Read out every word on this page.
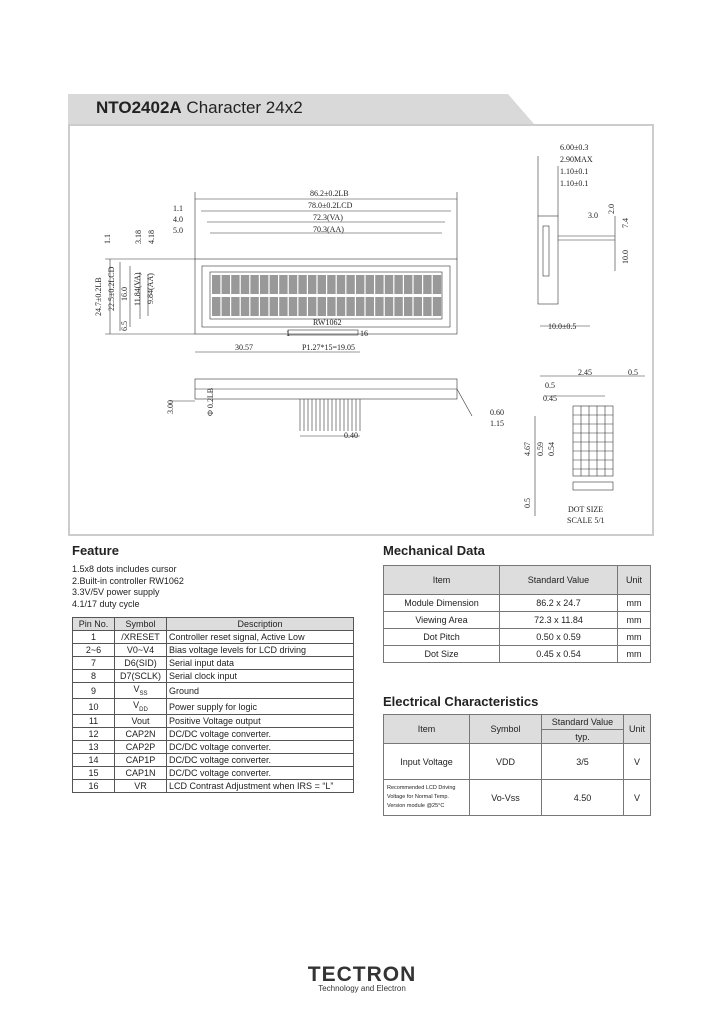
NTO2402A Character 24x2
86.2±0.2LB
78.0±0.2LCD
72.3(VA)
70.3(AA)
1.1
4.0
5.0
3.18 4.18
1.1
24.7±0.2LB 22.5±0.2LCD 16.0 11.84(VA) 9.84(AA)
6.5	RW1062
1	16
30.57	P1.27*15=19.05
6.00±0.3
2.90MAX
1.10±0.1
1.10±0.1
2.0
3.0
7.4
10.0
10.0±0.5
3.00	Φ 0.2LB	0.60
1.15
0.40
2.45	0.5
0.5
0.45
4.67 0.59 0.54
0.5
DOT SIZE
SCALE 5/1
Feature
1.5x8 dots includes cursor
2.Built-in controller RW1062
3.3V/5V power supply
4.1/17 duty cycle
Pin No.	Symbol	Description
1	/XRESET	Controller reset signal, Active Low
2~6	V0~V4	Bias voltage levels for LCD driving
7	D6(SID)	Serial input data
8	D7(SCLK)	Serial clock input
9	$V_{SS}$	Ground
10	$V_{DD}$	Power supply for logic
11	Vout	Positive Voltage output
12	CAP2N	DC/DC voltage converter.
13	CAP2P	DC/DC voltage converter.
14	CAP1P	DC/DC voltage converter.
15	CAP1N	DC/DC voltage converter.
16	VR	LCD Contrast Adjustment when IRS = “L”
Mechanical Data
Item	Standard Value	Unit
Module Dimension	86.2 x 24.7	mm
Viewing Area	72.3 x 11.84	mm
Dot Pitch	0.50 x 0.59	mm
Dot Size	0.45 x 0.54	mm
Electrical Characteristics
Item	Symbol	Standard Value	Unit
		typ.	
Input Voltage	VDD	3/5	V

Recommended LCD Driving
Voltage for Normal Temp.
Version module @25°C	Vo-Vss	4.50	V
TECTRON
Technology and Electron
